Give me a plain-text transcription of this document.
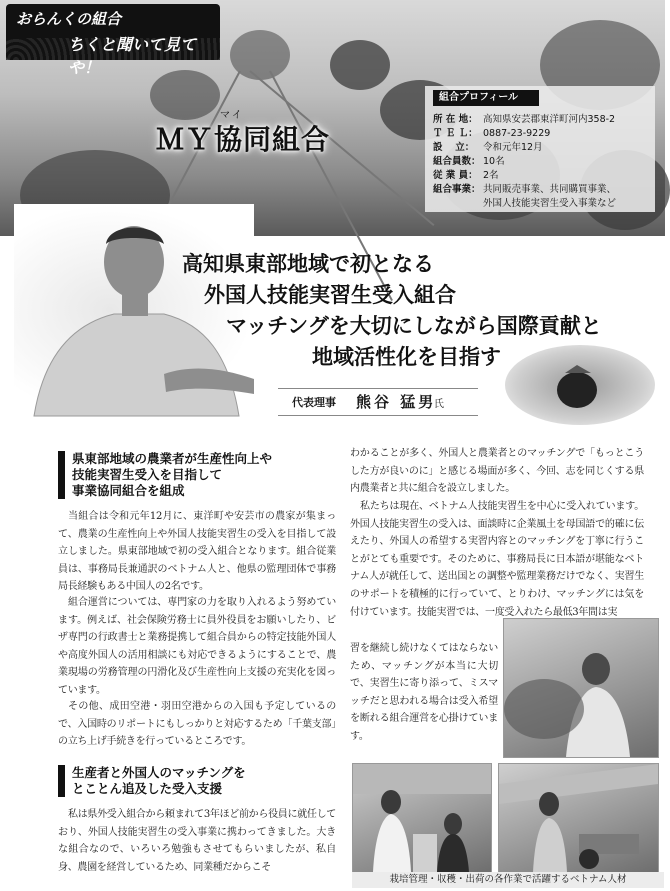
おらんくの組合
ちくと聞いて見てや！
マイ
ＭＹ協同組合
組合プロフィール
所 在 地： 高知県安芸郡東洋町河内358-2
Ｔ Ｅ Ｌ： 0887-23-9229
設　 立： 令和元年12月
組合員数： 10名
従 業 員： 2名
組合事業： 共同販売事業、共同購買事業、
外国人技能実習生受入事業など
高知県東部地域で初となる
外国人技能実習生受入組合
マッチングを大切にしながら国際貢献と
地域活性化を目指す
代表理事 熊谷 猛男
氏
県東部地域の農業者が生産性向上や
技能実習生受入を目指して
事業協同組合を組成
当組合は令和元年12月に、東洋町や安芸市の農家が集まって、農業の生産性向上や外国人技能実習生の受入を目指して設立しました。県東部地域で初の受入組合となります。組合従業員は、事務局長兼通訳のベトナム人と、他県の監理団体で事務局長経験もある中国人の2名です。
組合運営については、専門家の力を取り入れるよう努めています。例えば、社会保険労務士に員外役員をお願いしたり、ビザ専門の行政書士と業務提携して組合員からの特定技能外国人や高度外国人の活用相談にも対応できるようにすることで、農業現場の労務管理の円滑化及び生産性向上支援の充実化を図っています。
その他、成田空港・羽田空港からの入国も予定しているので、入国時のリポートにもしっかりと対応するため「千葉支部」の立ち上げ手続きを行っているところです。
生産者と外国人のマッチングを
とことん追及した受入支援
私は県外受入組合から頼まれて3年ほど前から役員に就任しており、外国人技能実習生の受入事業に携わってきました。大きな組合なので、いろいろ勉強もさせてもらいましたが、私自身、農園を経営しているため、同業種だからこそ
わかることが多く、外国人と農業者とのマッチングで「もっとこうした方が良いのに」と感じる場面が多く、今回、志を同じくする県内農業者と共に組合を設立しました。
私たちは現在、ベトナム人技能実習生を中心に受入れています。外国人技能実習生の受入は、面談時に企業風土を母国語で的確に伝えたり、外国人の希望する実習内容とのマッチングを丁寧に行うことがとても重要です。そのために、事務局長に日本語が堪能なベトナム人が就任して、送出国との調整や監理業務だけでなく、実習生のサポートを積極的に行っていて、とりわけ、マッチングには気を付けています。技能実習では、一度受入れたら最低3年間は実
習を継続し続けなくてはならないため、マッチングが本当に大切で、実習生に寄り添って、ミスマッチだと思われる場合は受入希望を断れる組合運営を心掛けています。
栽培管理・収穫・出荷の各作業で活躍するベトナム人材
